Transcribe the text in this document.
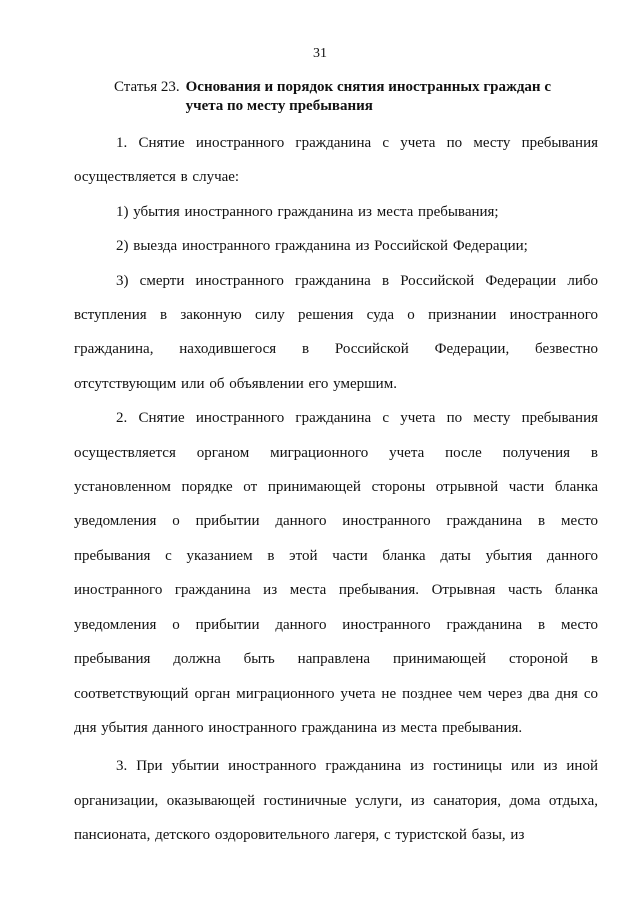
31
Статья 23. Основания и порядок снятия иностранных граждан с учета по месту пребывания

1. Снятие иностранного гражданина с учета по месту пребывания осуществляется в случае:

1) убытия иностранного гражданина из места пребывания;

2) выезда иностранного гражданина из Российской Федерации;

3) смерти иностранного гражданина в Российской Федерации либо вступления в законную силу решения суда о признании иностранного гражданина, находившегося в Российской Федерации, безвестно отсутствующим или об объявлении его умершим.

2. Снятие иностранного гражданина с учета по месту пребывания осуществляется органом миграционного учета после получения в установленном порядке от принимающей стороны отрывной части бланка уведомления о прибытии данного иностранного гражданина в место пребывания с указанием в этой части бланка даты убытия данного иностранного гражданина из места пребывания. Отрывная часть бланка уведомления о прибытии данного иностранного гражданина в место пребывания должна быть направлена принимающей стороной в соответствующий орган миграционного учета не позднее чем через два дня со дня убытия данного иностранного гражданина из места пребывания.

3. При убытии иностранного гражданина из гостиницы или из иной организации, оказывающей гостиничные услуги, из санатория, дома отдыха, пансионата, детского оздоровительного лагеря, с туристской базы, из
